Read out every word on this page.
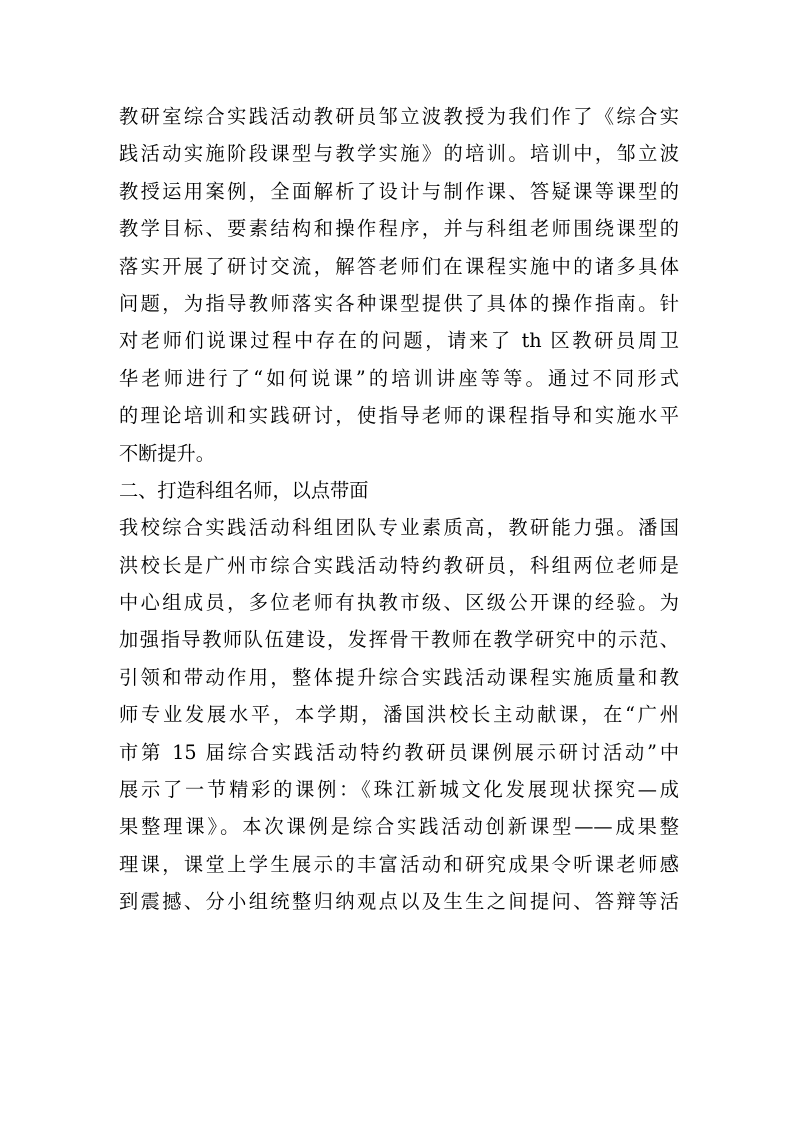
教研室综合实践活动教研员邹立波教授为我们作了《综合实
践活动实施阶段课型与教学实施》的培训。培训中，邹立波
教授运用案例，全面解析了设计与制作课、答疑课等课型的
教学目标、要素结构和操作程序，并与科组老师围绕课型的
落实开展了研讨交流，解答老师们在课程实施中的诸多具体
问题，为指导教师落实各种课型提供了具体的操作指南。针
对老师们说课过程中存在的问题，请来了 th 区教研员周卫
华老师进行了“如何说课”的培训讲座等等。通过不同形式
的理论培训和实践研讨，使指导老师的课程指导和实施水平
不断提升。
二、打造科组名师，以点带面
我校综合实践活动科组团队专业素质高，教研能力强。潘国
洪校长是广州市综合实践活动特约教研员，科组两位老师是
中心组成员，多位老师有执教市级、区级公开课的经验。为
加强指导教师队伍建设，发挥骨干教师在教学研究中的示范、
引领和带动作用，整体提升综合实践活动课程实施质量和教
师专业发展水平，本学期，潘国洪校长主动献课，在“广州
市第 15 届综合实践活动特约教研员课例展示研讨活动”中
展示了一节精彩的课例：《珠江新城文化发展现状探究—成
果整理课》。本次课例是综合实践活动创新课型——成果整
理课，课堂上学生展示的丰富活动和研究成果令听课老师感
到震撼、分小组统整归纳观点以及生生之间提问、答辩等活
